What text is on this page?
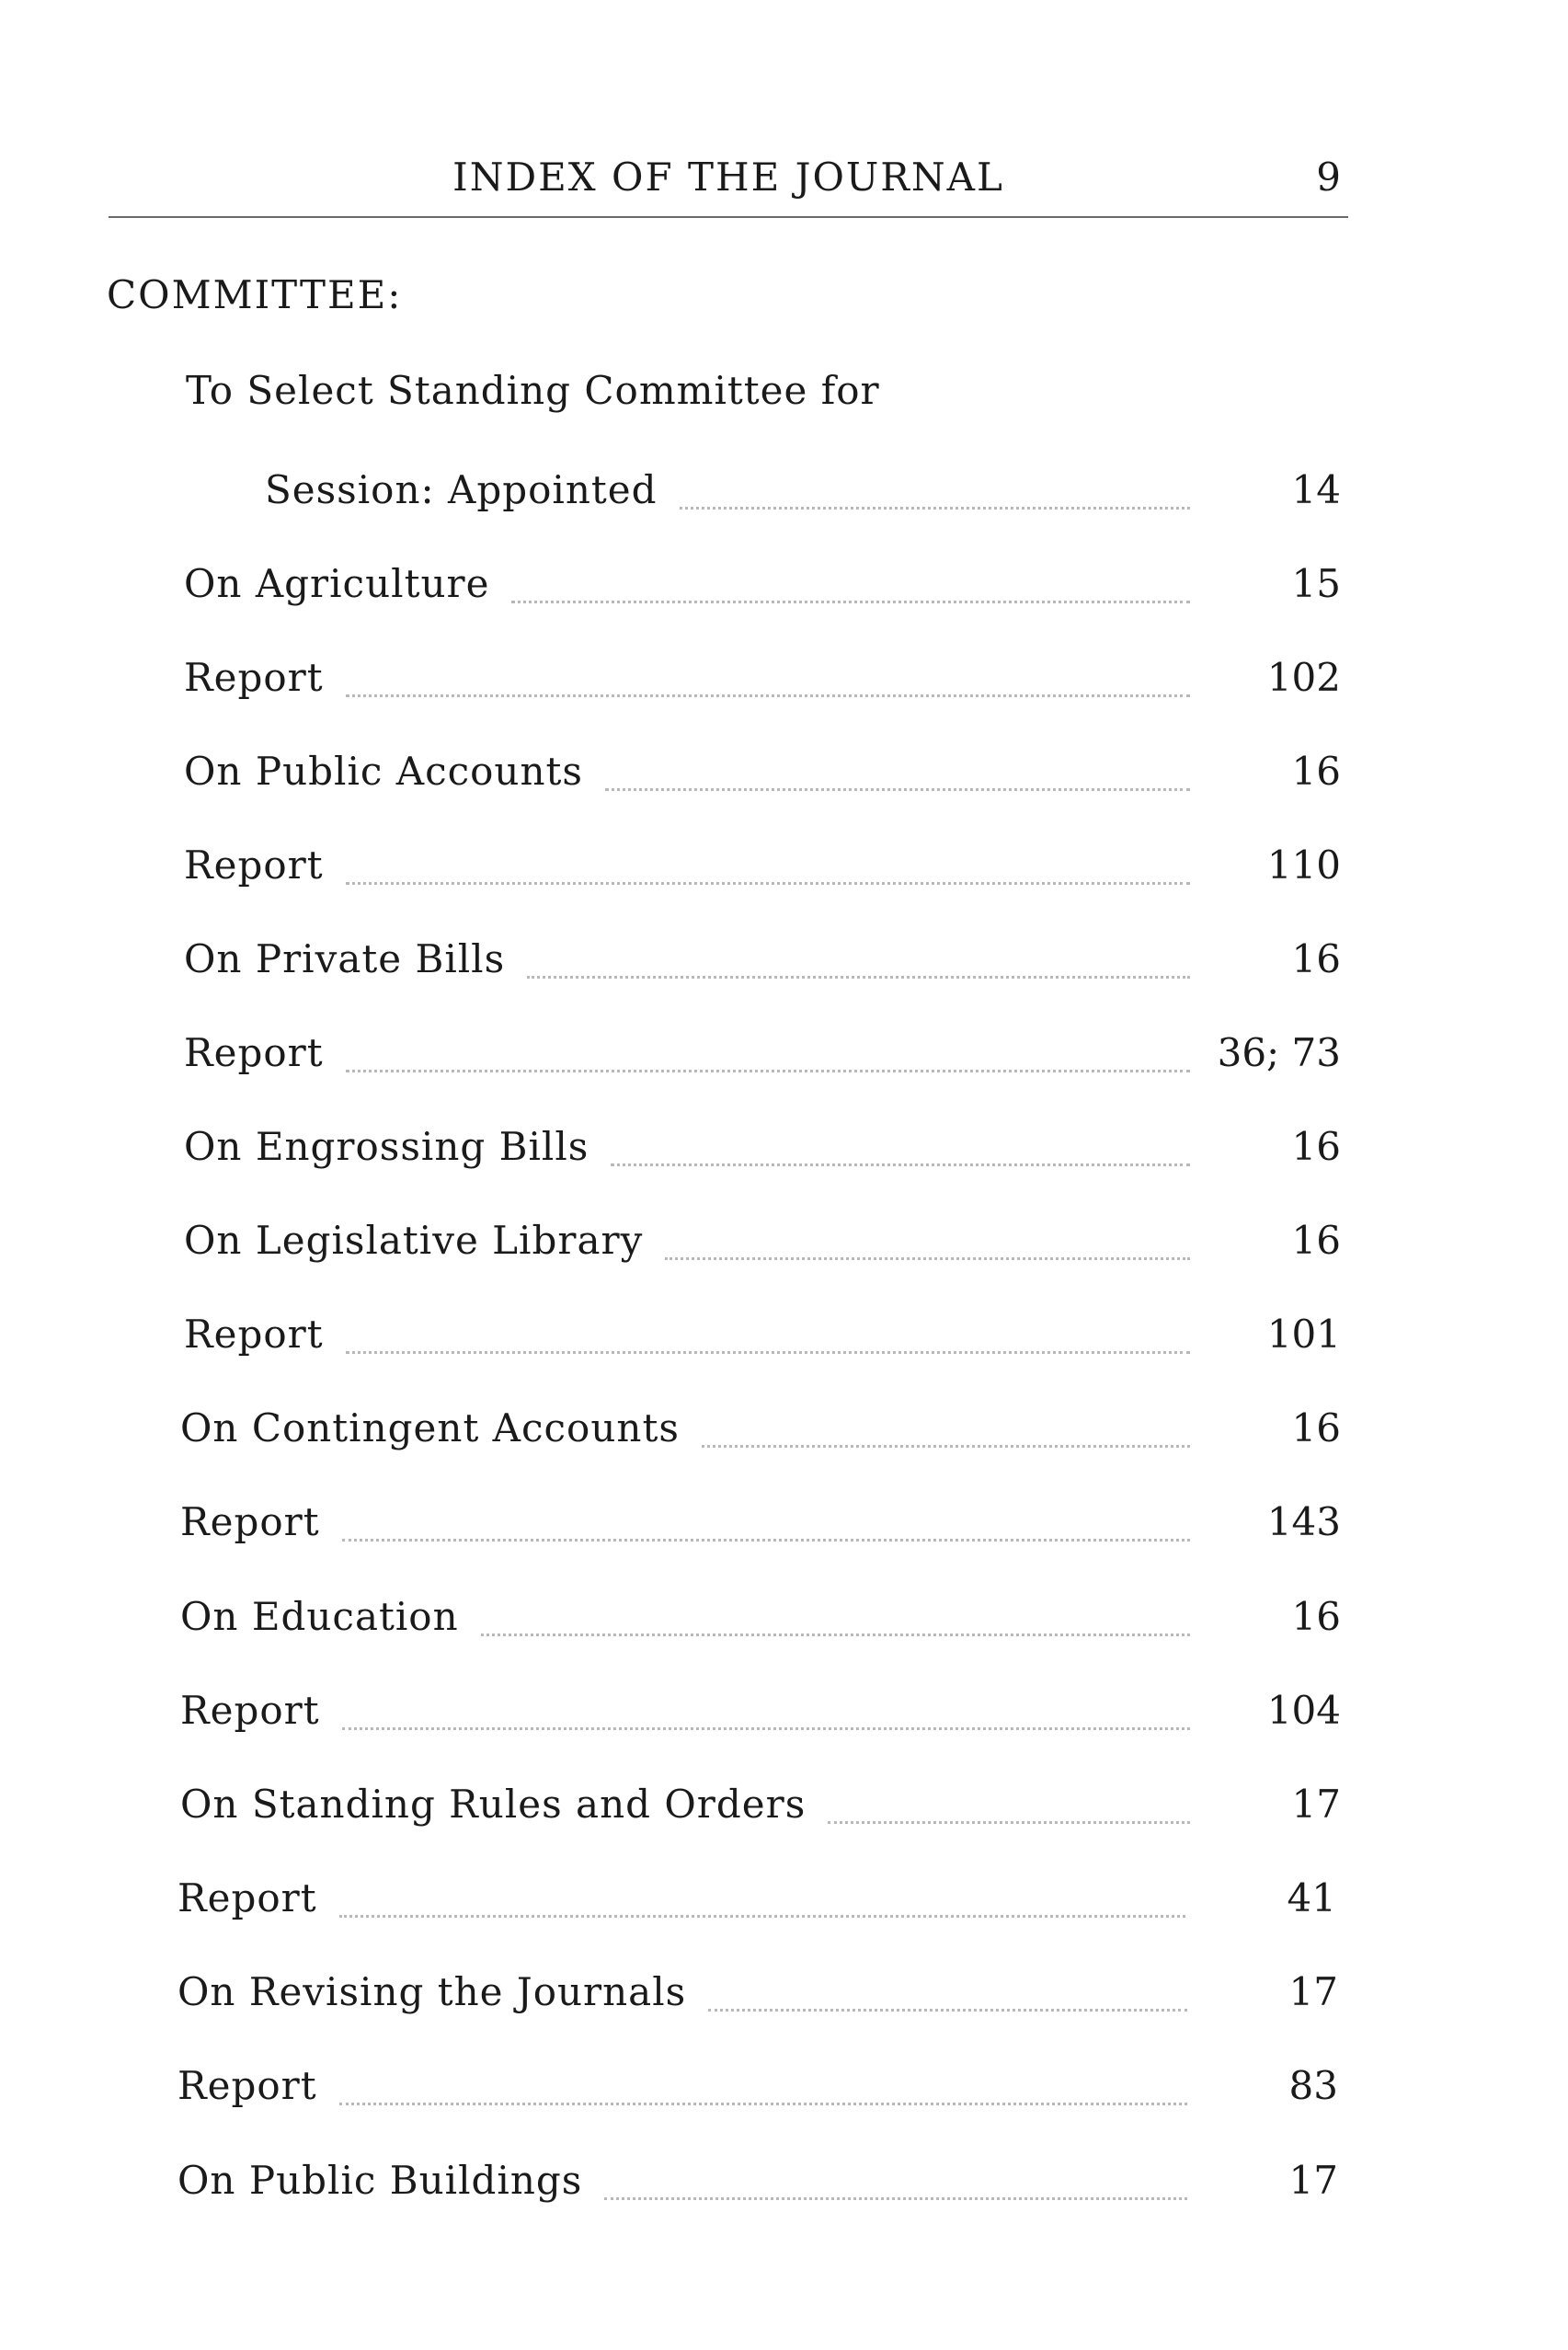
INDEX OF THE JOURNAL	9
COMMITTEE:
To Select Standing Committee for
Session: Appointed	14
On Agriculture	15
Report	102
On Public Accounts	16
Report	110
On Private Bills	16
Report	36; 73
On Engrossing Bills	16
On Legislative Library	16
Report	101
On Contingent Accounts	16
Report	143
On Education	16
Report	104
On Standing Rules and Orders	17
Report	41
On Revising the Journals	17
Report	83
On Public Buildings	17
